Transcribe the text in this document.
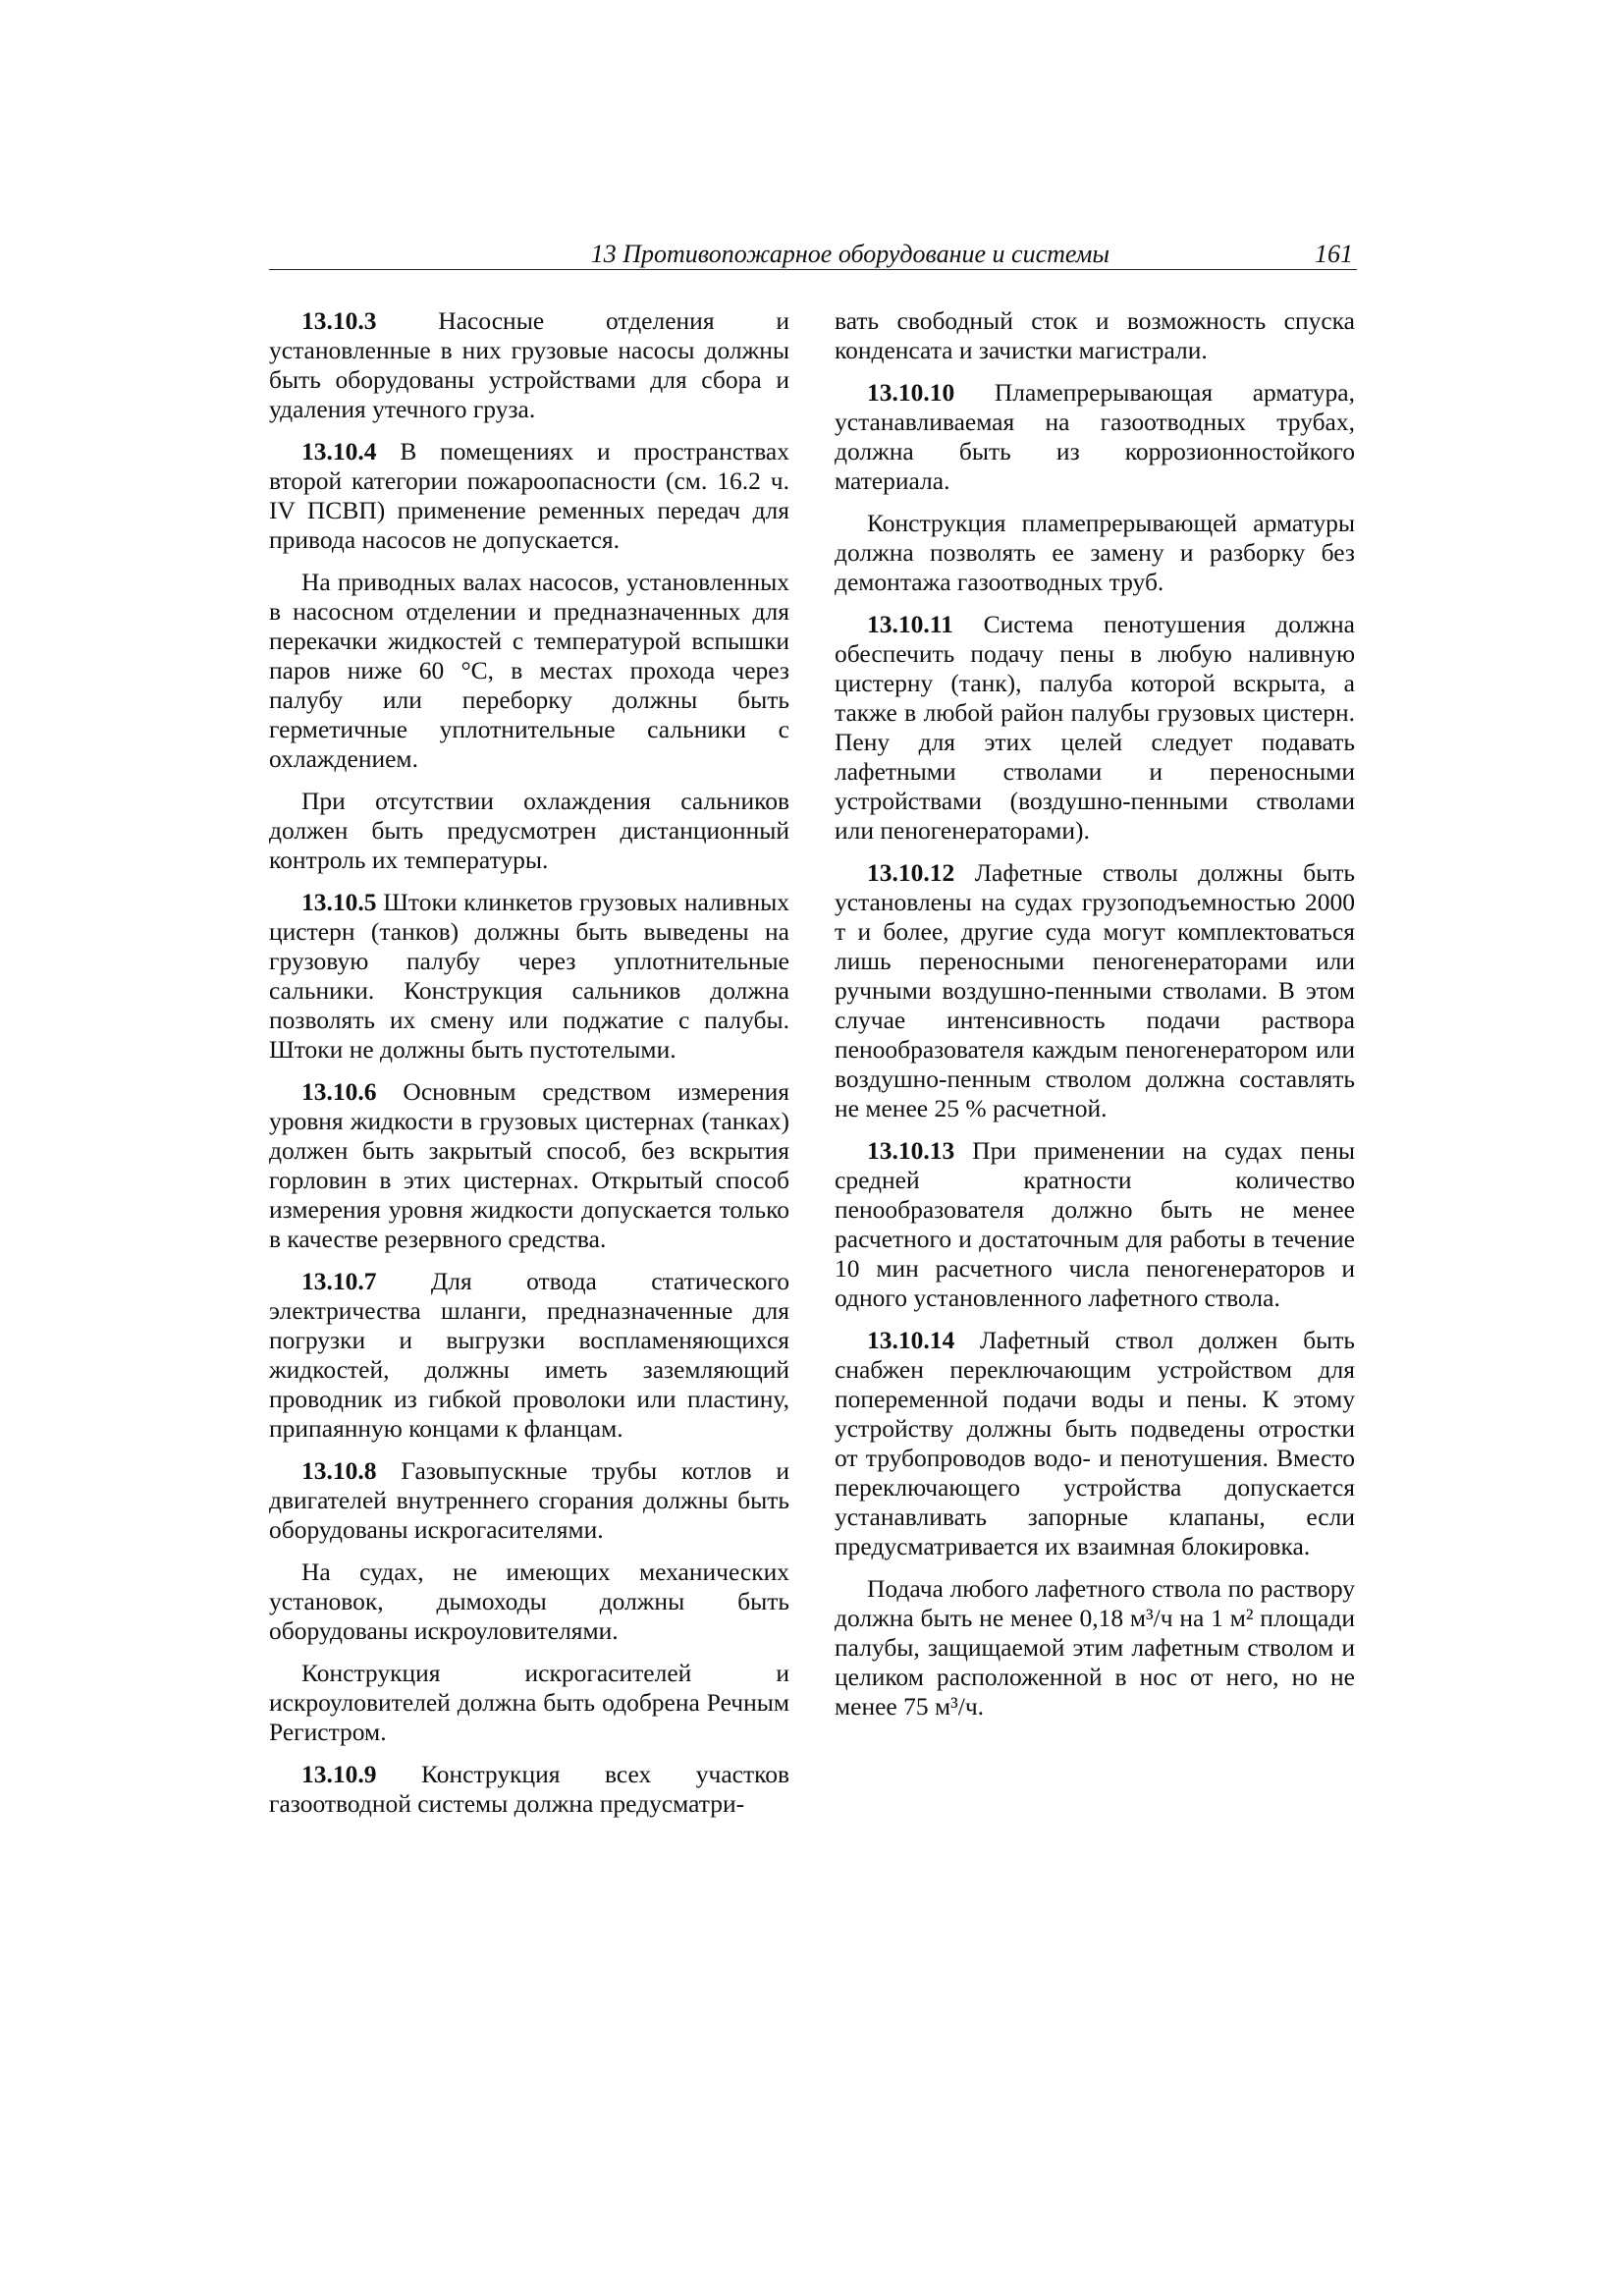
13 Противопожарное оборудование и системы	161

13.10.3 Насосные отделения и установленные в них грузовые насосы должны быть оборудованы устройствами для сбора и удаления утечного груза.

13.10.4 В помещениях и пространствах второй категории пожароопасности (см. 16.2 ч. IV ПСВП) применение ременных передач для привода насосов не допускается.

На приводных валах насосов, установленных в насосном отделении и предназначенных для перекачки жидкостей с температурой вспышки паров ниже 60 °С, в местах прохода через палубу или переборку должны быть герметичные уплотнительные сальники с охлаждением.

При отсутствии охлаждения сальников должен быть предусмотрен дистанционный контроль их температуры.

13.10.5 Штоки клинкетов грузовых наливных цистерн (танков) должны быть выведены на грузовую палубу через уплотнительные сальники. Конструкция сальников должна позволять их смену или поджатие с палубы. Штоки не должны быть пустотелыми.

13.10.6 Основным средством измерения уровня жидкости в грузовых цистернах (танках) должен быть закрытый способ, без вскрытия горловин в этих цистернах. Открытый способ измерения уровня жидкости допускается только в качестве резервного средства.

13.10.7 Для отвода статического электричества шланги, предназначенные для погрузки и выгрузки воспламеняющихся жидкостей, должны иметь заземляющий проводник из гибкой проволоки или пластину, припаянную концами к фланцам.

13.10.8 Газовыпускные трубы котлов и двигателей внутреннего сгорания должны быть оборудованы искрогасителями.

На судах, не имеющих механических установок, дымоходы должны быть оборудованы искроуловителями.

Конструкция искрогасителей и искроуловителей должна быть одобрена Речным Регистром.

13.10.9 Конструкция всех участков газоотводной системы должна предусматри-

вать свободный сток и возможность спуска конденсата и зачистки магистрали.

13.10.10 Пламепрерывающая арматура, устанавливаемая на газоотводных трубах, должна быть из коррозионностойкого материала.

Конструкция пламепрерывающей арматуры должна позволять ее замену и разборку без демонтажа газоотводных труб.

13.10.11 Система пенотушения должна обеспечить подачу пены в любую наливную цистерну (танк), палуба которой вскрыта, а также в любой район палубы грузовых цистерн. Пену для этих целей следует подавать лафетными стволами и переносными устройствами (воздушно-пенными стволами или пеногенераторами).

13.10.12 Лафетные стволы должны быть установлены на судах грузоподъемностью 2000 т и более, другие суда могут комплектоваться лишь переносными пеногенераторами или ручными воздушно-пенными стволами. В этом случае интенсивность подачи раствора пенообразователя каждым пеногенератором или воздушно-пенным стволом должна составлять не менее 25 % расчетной.

13.10.13 При применении на судах пены средней кратности количество пенообразователя должно быть не менее расчетного и достаточным для работы в течение 10 мин расчетного числа пеногенераторов и одного установленного лафетного ствола.

13.10.14 Лафетный ствол должен быть снабжен переключающим устройством для попеременной подачи воды и пены. К этому устройству должны быть подведены отростки от трубопроводов водо- и пенотушения. Вместо переключающего устройства допускается устанавливать запорные клапаны, если предусматривается их взаимная блокировка.

Подача любого лафетного ствола по раствору должна быть не менее 0,18 м³/ч на 1 м² площади палубы, защищаемой этим лафетным стволом и целиком расположенной в нос от него, но не менее 75 м³/ч.
